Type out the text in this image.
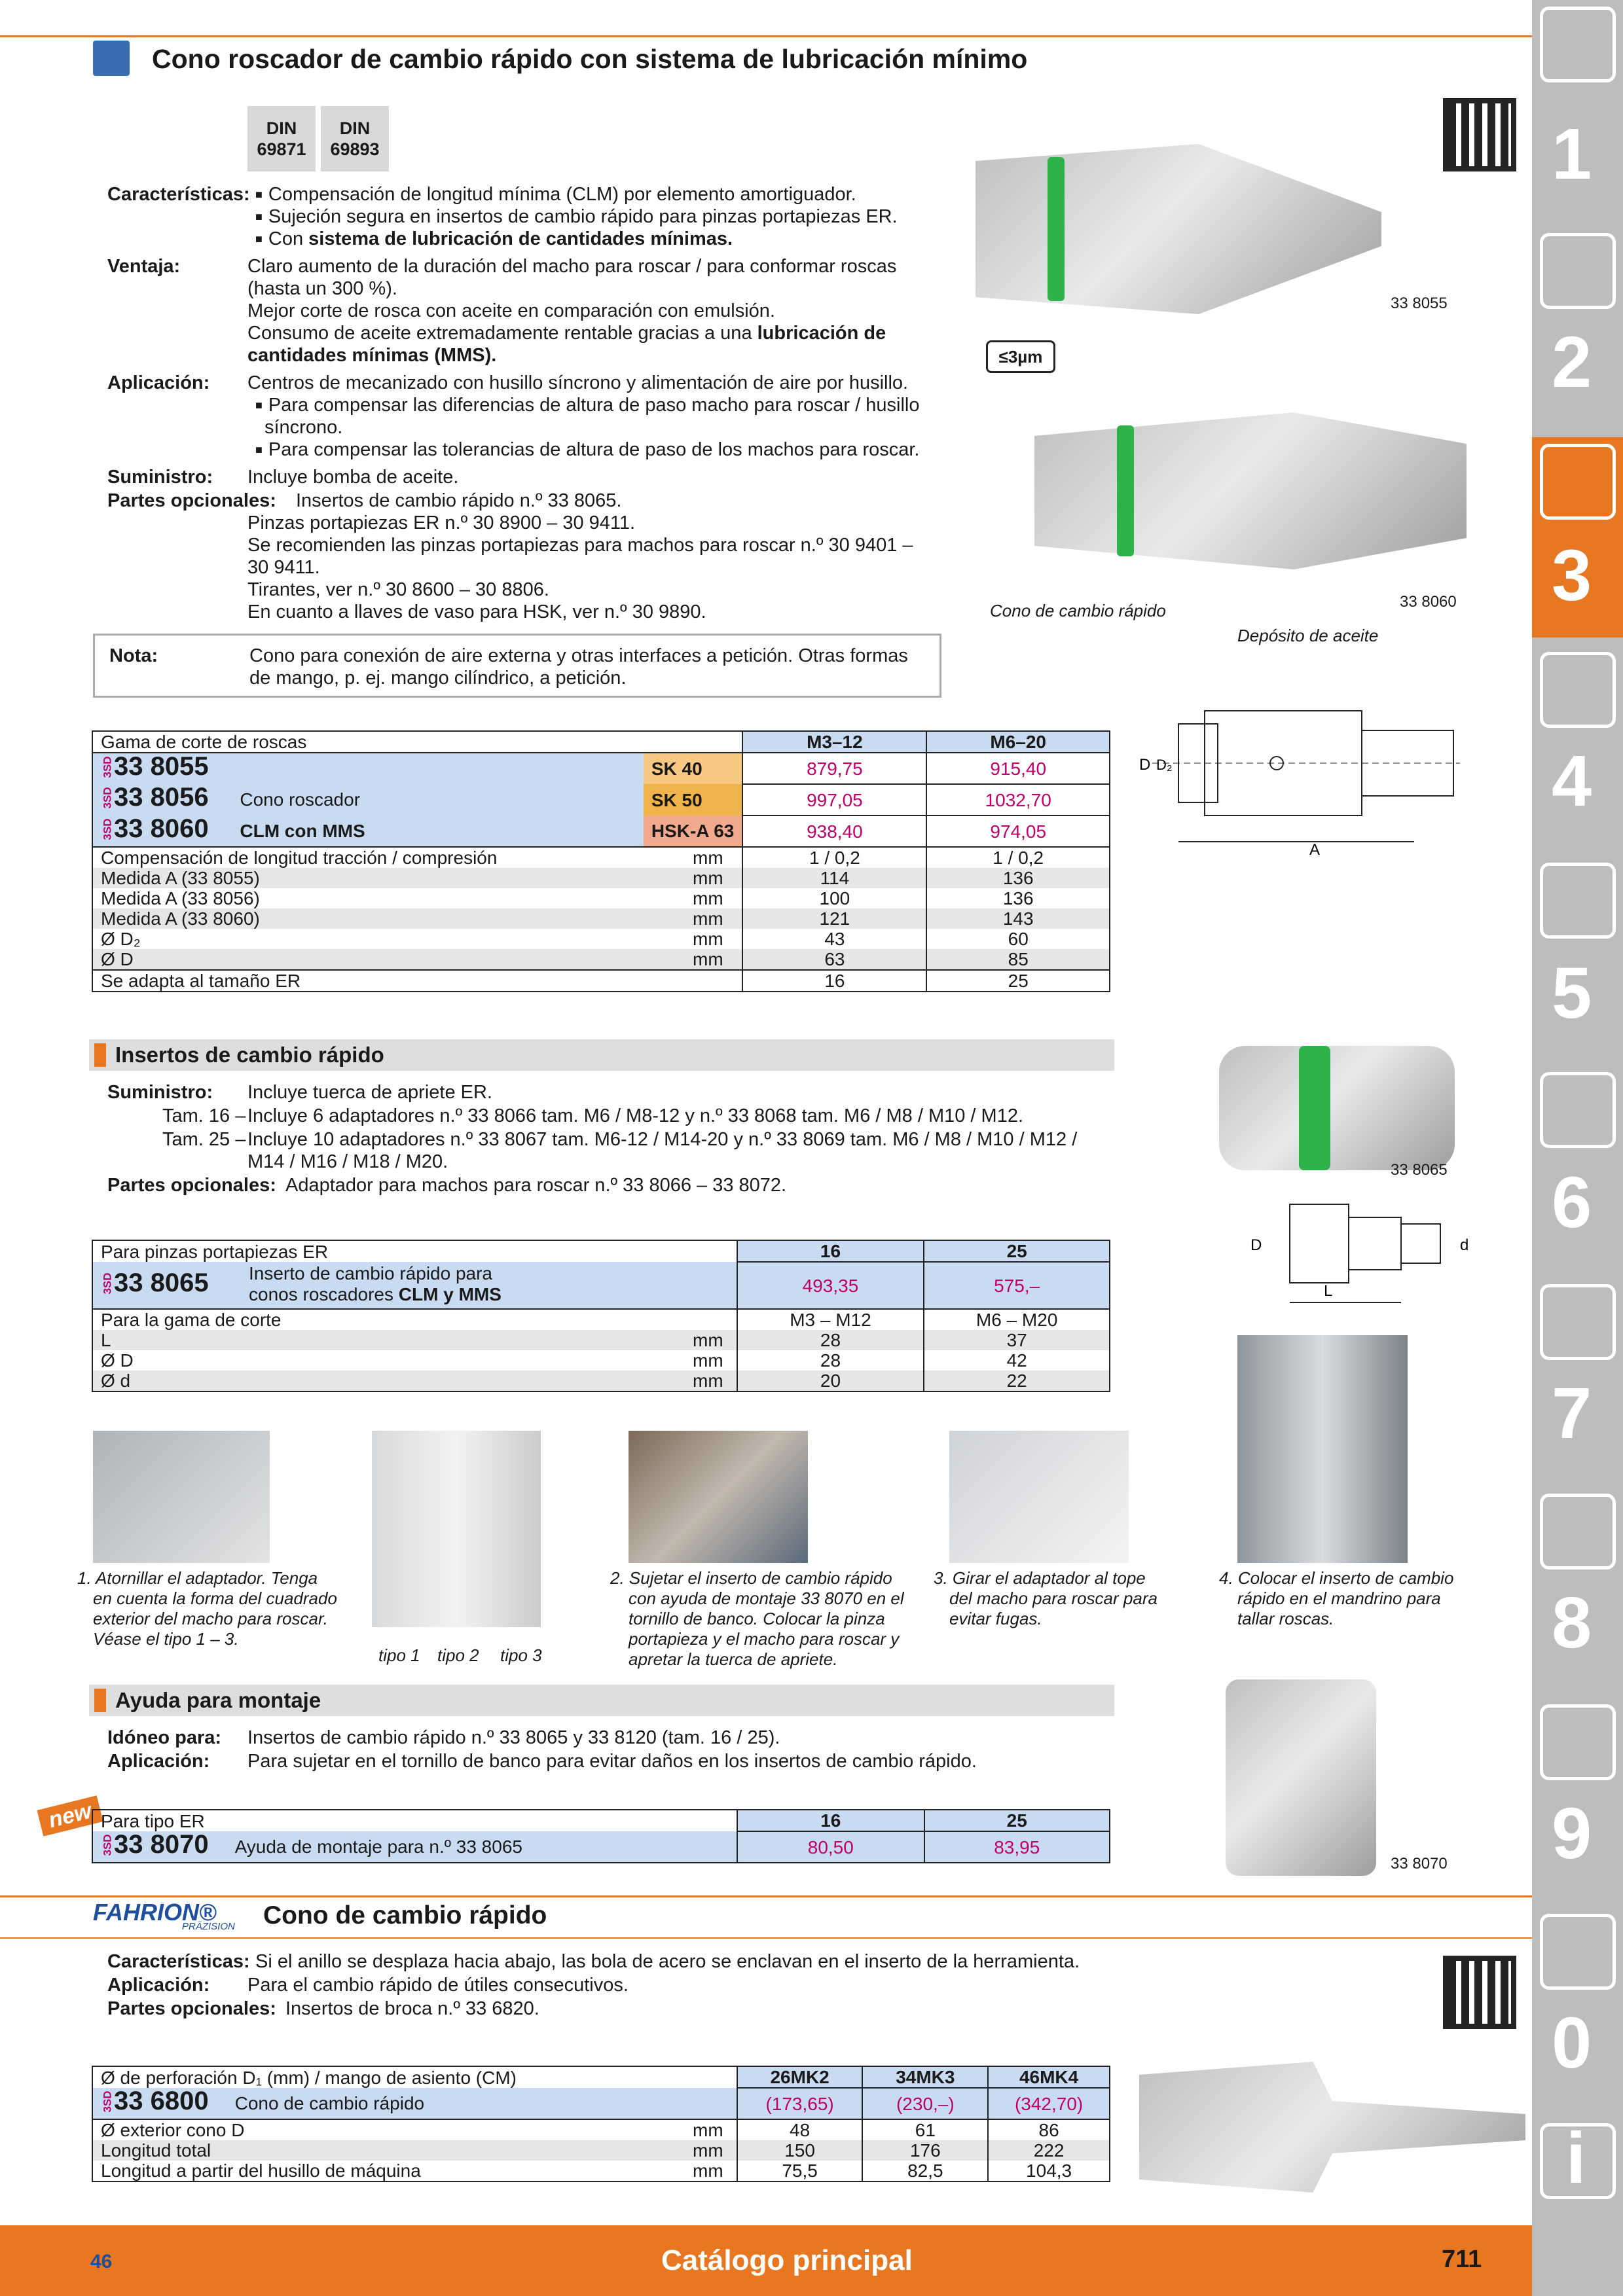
Cono roscador de cambio rápido con sistema de lubricación mínimo
DIN
69871
DIN
69893
Características: ■ Compensación de longitud mínima (CLM) por elemento amortiguador.
■ Sujeción segura en insertos de cambio rápido para pinzas portapiezas ER.
■ Con sistema de lubricación de cantidades mínimas.
Ventaja:	Claro aumento de la duración del macho para roscar / para conformar roscas
(hasta un 300 %).
Mejor corte de rosca con aceite en comparación con emulsión.
Consumo de aceite extremadamente rentable gracias a una lubricación de
cantidades mínimas (MMS).
Aplicación: Centros de mecanizado con husillo síncrono y alimentación de aire por husillo.
■ Para compensar las diferencias de altura de paso macho para roscar / husillo
síncrono.
■ Para compensar las tolerancias de altura de paso de los machos para roscar.
Suministro: Incluye bomba de aceite.
Partes opcionales: Insertos de cambio rápido n.º 33 8065.
Pinzas portapiezas ER n.º 30 8900 – 30 9411.
Se recomienden las pinzas portapiezas para machos para roscar n.º 30 9401 –
30 9411.
Tirantes, ver n.º 30 8600 – 30 8806.
En cuanto a llaves de vaso para HSK, ver n.º 30 9890.
Nota:	Cono para conexión de aire externa y otras interfaces a petición. Otras formas
de mango, p. ej. mango cilíndrico, a petición.
33 8055
≤3µm
Cono de cambio rápido
Depósito de aceite
33 8060
A
D D₂
Gama de corte de roscas		M3–12	M6–20
3SD33 8055	SK 40	879,75	915,40
3SD33 8056 Cono roscador	SK 50	997,05	1032,70
3SD33 8060 CLM con MMS	HSK-A 63	938,40	974,05
Compensación de longitud tracción / compresión mm		1 / 0,2	1 / 0,2
Medida A (33 8055) mm		114	136
Medida A (33 8056) mm		100	136
Medida A (33 8060) mm		121	143
Ø D₂ mm		43	60
Ø D mm		63	85
Se adapta al tamaño ER		16	25
Insertos de cambio rápido
Suministro: Incluye tuerca de apriete ER.
Tam. 16 – Incluye 6 adaptadores n.º 33 8066 tam. M6 / M8-12 y n.º 33 8068 tam. M6 / M8 / M10 / M12.
Tam. 25 – Incluye 10 adaptadores n.º 33 8067 tam. M6-12 / M14-20 y n.º 33 8069 tam. M6 / M8 / M10 / M12 /
M14 / M16 / M18 / M20.
Partes opcionales: Adaptador para machos para roscar n.º 33 8066 – 33 8072.
33 8065
D
L
d
Para pinzas portapiezas ER	16	25
3SD33 8065 Inserto de cambio rápido para
conos roscadores CLM y MMS	493,35	575,–
Para la gama de corte	M3 – M12	M6 – M20
L mm	28	37
Ø D mm	28	42
Ø d mm	20	22
1. Atornillar el adaptador. Tenga
en cuenta la forma del cuadrado
exterior del macho para roscar.
Véase el tipo 1 – 3.
tipo 1 tipo 2 tipo 3
2. Sujetar el inserto de cambio rápido
con ayuda de montaje 33 8070 en el
tornillo de banco. Colocar la pinza
portapieza y el macho para roscar y
apretar la tuerca de apriete.
3. Girar el adaptador al tope
del macho para roscar para
evitar fugas.
4. Colocar el inserto de cambio
rápido en el mandrino para
tallar roscas.
Ayuda para montaje
Idóneo para: Insertos de cambio rápido n.º 33 8065 y 33 8120 (tam. 16 / 25).
Aplicación: Para sujetar en el tornillo de banco para evitar daños en los insertos de cambio rápido.
new Para tipo ER	16	25
3SD33 8070 Ayuda de montaje para n.º 33 8065	80,50	83,95
33 8070
FAHRION®
PRÄZISION	Cono de cambio rápido
Características: Si el anillo se desplaza hacia abajo, las bola de acero se enclavan en el inserto de la herramienta.
Aplicación: Para el cambio rápido de útiles consecutivos.
Partes opcionales: Insertos de broca n.º 33 6820.
Ø de perforación D₁ (mm) / mango de asiento (CM)	26MK2	34MK3	46MK4
3SD33 6800 Cono de cambio rápido	(173,65)	(230,–)	(342,70)
Ø exterior cono D mm	48	61	86
Longitud total mm	150	176	222
Longitud a partir del husillo de máquina mm	75,5	82,5	104,3
46	Catálogo principal	711
1
2
3
4
5
6
7
8
9
0
i
